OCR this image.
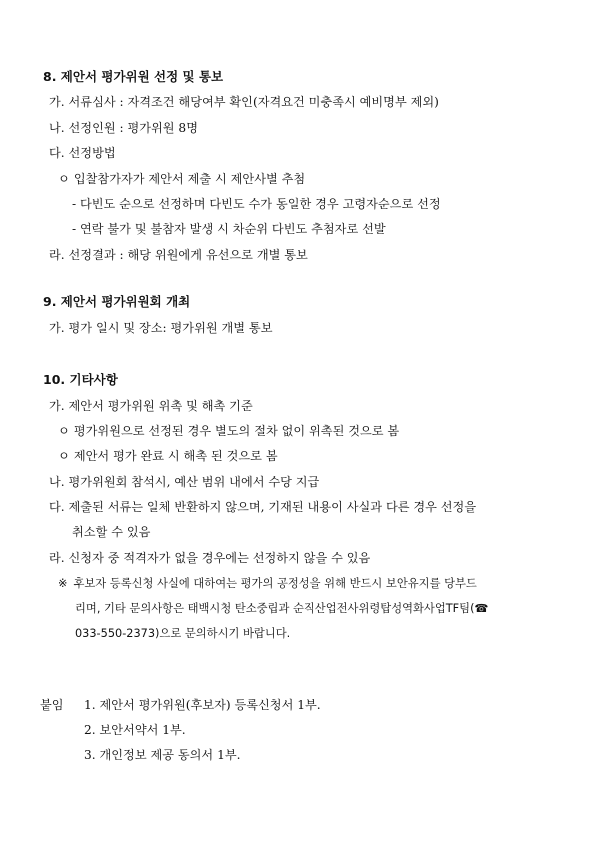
8. 제안서 평가위원 선정 및 통보
가. 서류심사 : 자격조건 해당여부 확인(자격요건 미충족시 예비명부 제외)
나. 선정인원 : 평가위원 8명
다. 선정방법
ㅇ 입찰참가자가 제안서 제출 시 제안사별 추첨
- 다빈도 순으로 선정하며 다빈도 수가 동일한 경우 고령자순으로 선정
- 연락 불가 및 불참자 발생 시 차순위 다빈도 추첨자로 선발
라. 선정결과 : 해당 위원에게 유선으로 개별 통보
9. 제안서 평가위원회 개최
가. 평가 일시 및 장소: 평가위원 개별 통보
10. 기타사항
가. 제안서 평가위원 위촉 및 해촉 기준
ㅇ 평가위원으로 선정된 경우 별도의 절차 없이 위촉된 것으로 봄
ㅇ 제안서 평가 완료 시 해촉 된 것으로 봄
나. 평가위원회 참석시, 예산 범위 내에서 수당 지급
다. 제출된 서류는 일체 반환하지 않으며, 기재된 내용이 사실과 다른 경우 선정을
취소할 수 있음
라. 신청자 중 적격자가 없을 경우에는 선정하지 않을 수 있음
※ 후보자 등록신청 사실에 대하여는 평가의 공정성을 위해 반드시 보안유지를 당부드
리며, 기타 문의사항은 태백시청 탄소중립과 순직산업전사위령탑성역화사업TF팀(☎
033-550-2373)으로 문의하시기 바랍니다.
붙임 1. 제안서 평가위원(후보자) 등록신청서 1부.
2. 보안서약서 1부.
3. 개인정보 제공 동의서 1부.
